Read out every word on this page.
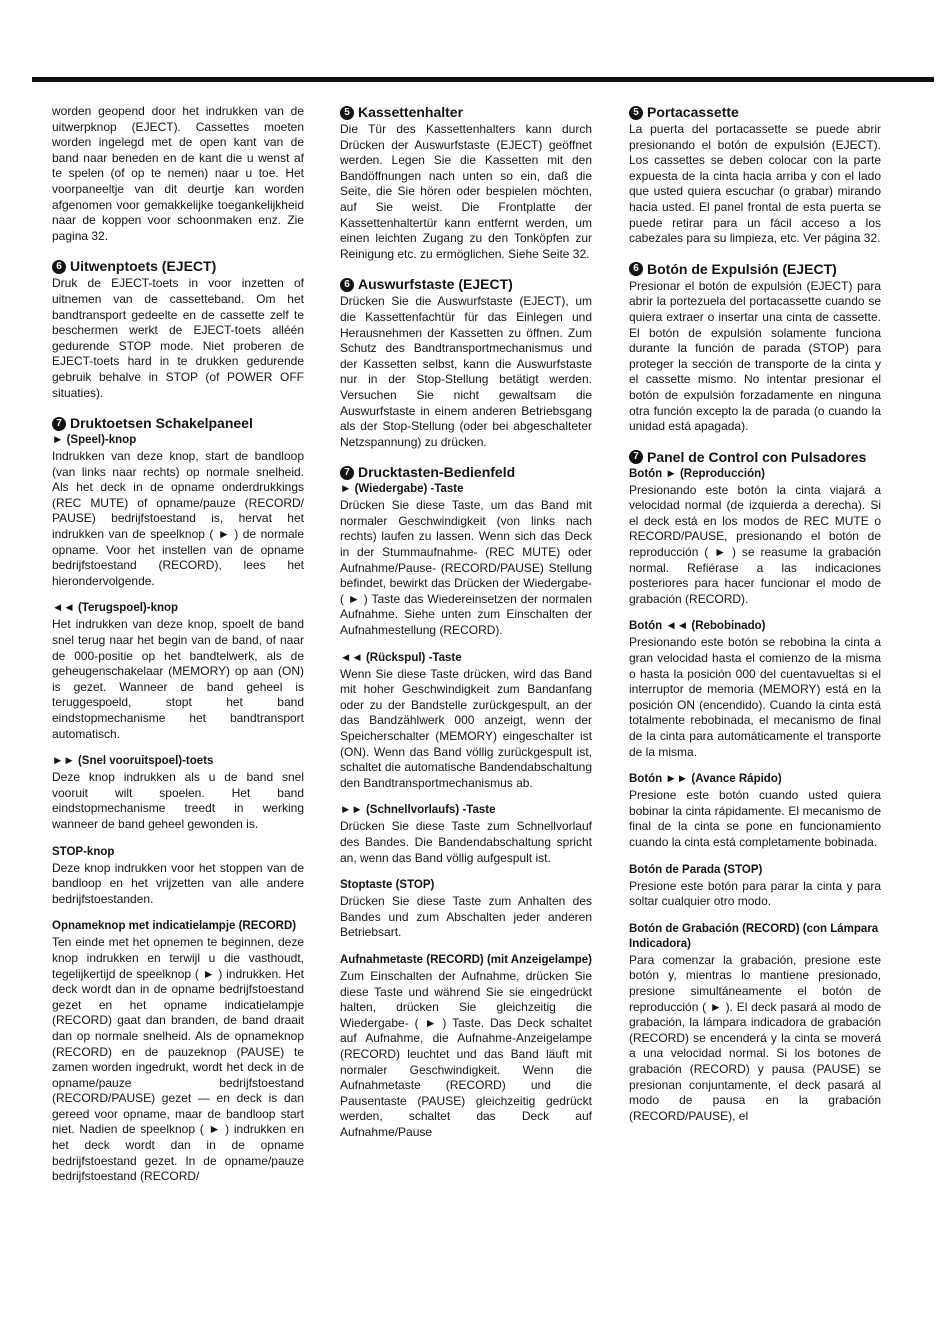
worden geopend door het indrukken van de uitwerpknop (EJECT). Cassettes moeten worden ingelegd met de open kant van de band naar beneden en de kant die u wenst af te spelen (of op te nemen) naar u toe. Het voorpaneeltje van dit deurtje kan worden afgenomen voor gemakkelijke toegankelijkheid naar de koppen voor schoonmaken enz. Zie pagina 32.

6 Uitwenptoets (EJECT)

Druk de EJECT-toets in voor inzetten of uitnemen van de cassetteband. Om het bandtransport gedeelte en de cassette zelf te beschermen werkt de EJECT-toets alléén gedurende STOP mode. Niet proberen de EJECT-toets hard in te drukken gedurende gebruik behalve in STOP (of POWER OFF situaties).

7 Druktoetsen Schakelpaneel
► (Speel)-knop

Indrukken van deze knop, start de bandloop (van links naar rechts) op normale snelheid. Als het deck in de opname onderdrukkings (REC MUTE) of opname/pauze (RECORD/ PAUSE) bedrijfstoestand is, hervat het indrukken van de speelknop ( ► ) de normale opname. Voor het instellen van de opname bedrijfstoestand (RECORD), lees het hierondervolgende.

◄◄ (Terugspoel)-knop

Het indrukken van deze knop, spoelt de band snel terug naar het begin van de band, of naar de 000-positie op het bandtelwerk, als de geheugenschakelaar (MEMORY) op aan (ON) is gezet. Wanneer de band geheel is teruggespoeld, stopt het band eindstopmechanisme het bandtransport automatisch.

►► (Snel vooruitspoel)-toets

Deze knop indrukken als u de band snel vooruit wilt spoelen. Het band eindstopmechanisme treedt in werking wanneer de band geheel gewonden is.

STOP-knop

Deze knop indrukken voor het stoppen van de bandloop en het vrijzetten van alle andere bedrijfstoestanden.

Opnameknop met indicatielampje (RECORD)

Ten einde met het opnemen te beginnen, deze knop indrukken en terwijl u die vasthoudt, tegelijkertijd de speelknop ( ► ) indrukken. Het deck wordt dan in de opname bedrijfstoestand gezet en het opname indicatielampje (RECORD) gaat dan branden, de band draait dan op normale snelheid. Als de opnameknop (RECORD) en de pauzeknop (PAUSE) te zamen worden ingedrukt, wordt het deck in de opname/pauze bedrijfstoestand (RECORD/PAUSE) gezet — en deck is dan gereed voor opname, maar de bandloop start niet. Nadien de speelknop ( ► ) indrukken en het deck wordt dan in de opname bedrijfstoestand gezet. In de opname/pauze bedrijfstoestand (RECORD/

5 Kassettenhalter

Die Tür des Kassettenhalters kann durch Drücken der Auswurfstaste (EJECT) geöffnet werden. Legen Sie die Kassetten mit den Bandöffnungen nach unten so ein, daß die Seite, die Sie hören oder bespielen möchten, auf Sie weist. Die Frontplatte der Kassettenhaltertür kann entfernt werden, um einen leichten Zugang zu den Tonköpfen zur Reinigung etc. zu ermöglichen. Siehe Seite 32.

6 Auswurfstaste (EJECT)

Drücken Sie die Auswurfstaste (EJECT), um die Kassettenfachtür für das Einlegen und Herausnehmen der Kassetten zu öffnen. Zum Schutz des Bandtransportmechanismus und der Kassetten selbst, kann die Auswurfstaste nur in der Stop-Stellung betätigt werden. Versuchen Sie nicht gewaltsam die Auswurfstaste in einem anderen Betriebsgang als der Stop-Stellung (oder bei abgeschalteter Netzspannung) zu drücken.

7 Drucktasten-Bedienfeld
► (Wiedergabe) -Taste

Drücken Sie diese Taste, um das Band mit normaler Geschwindigkeit (von links nach rechts) laufen zu lassen. Wenn sich das Deck in der Stummaufnahme- (REC MUTE) oder Aufnahme/Pause- (RECORD/PAUSE) Stellung befindet, bewirkt das Drücken der Wiedergabe- ( ► ) Taste das Wiedereinsetzen der normalen Aufnahme. Siehe unten zum Einschalten der Aufnahmestellung (RECORD).

◄◄ (Rückspul) -Taste

Wenn Sie diese Taste drücken, wird das Band mit hoher Geschwindigkeit zum Bandanfang oder zu der Bandstelle zurückgespult, an der das Bandzählwerk 000 anzeigt, wenn der Speicherschalter (MEMORY) eingeschalter ist (ON). Wenn das Band völlig zurückgespult ist, schaltet die automatische Bandendabschaltung den Bandtransportmechanismus ab.

►► (Schnellvorlaufs) -Taste

Drücken Sie diese Taste zum Schnellvorlauf des Bandes. Die Bandendabschaltung spricht an, wenn das Band völlig aufgespult ist.

Stoptaste (STOP)

Drücken Sie diese Taste zum Anhalten des Bandes und zum Abschalten jeder anderen Betriebsart.

Aufnahmetaste (RECORD) (mit Anzeigelampe)

Zum Einschalten der Aufnahme, drücken Sie diese Taste und während Sie sie eingedrückt halten, drücken Sie gleichzeitig die Wiedergabe- ( ► ) Taste. Das Deck schaltet auf Aufnahme, die Aufnahme-Anzeigelampe (RECORD) leuchtet und das Band läuft mit normaler Geschwindigkeit. Wenn die Aufnahmetaste (RECORD) und die Pausentaste (PAUSE) gleichzeitig gedrückt werden, schaltet das Deck auf Aufnahme/Pause

5 Portacassette

La puerta del portacassette se puede abrir presionando el botón de expulsión (EJECT). Los cassettes se deben colocar con la parte expuesta de la cinta hacia arriba y con el lado que usted quiera escuchar (o grabar) mirando hacia usted. El panel frontal de esta puerta se puede retirar para un fácil acceso a los cabezales para su limpieza, etc. Ver página 32.

6 Botón de Expulsión (EJECT)

Presionar el botón de expulsión (EJECT) para abrir la portezuela del portacassette cuando se quiera extraer o insertar una cinta de cassette. El botón de expulsión solamente funciona durante la función de parada (STOP) para proteger la sección de transporte de la cinta y el cassette mismo. No intentar presionar el botón de expulsión forzadamente en ninguna otra función excepto la de parada (o cuando la unidad está apagada).

7 Panel de Control con Pulsadores
Botón ► (Reproducción)

Presionando este botón la cinta viajará a velocidad normal (de izquierda a derecha). Si el deck está en los modos de REC MUTE o RECORD/PAUSE, presionando el botón de reproducción ( ► ) se reasume la grabación normal. Refiérase a las indicaciones posteriores para hacer funcionar el modo de grabación (RECORD).

Botón ◄◄ (Rebobinado)

Presionando este botón se rebobina la cinta a gran velocidad hasta el comienzo de la misma o hasta la posición 000 del cuentavueltas si el interruptor de memoria (MEMORY) está en la posición ON (encendido). Cuando la cinta está totalmente rebobinada, el mecanismo de final de la cinta para automáticamente el transporte de la misma.

Botón ►► (Avance Rápido)

Presione este botón cuando usted quiera bobinar la cinta rápidamente. El mecanismo de final de la cinta se pone en funcionamiento cuando la cinta está completamente bobinada.

Botón de Parada (STOP)

Presione este botón para parar la cinta y para soltar cualquier otro modo.

Botón de Grabación (RECORD) (con Lámpara Indicadora)

Para comenzar la grabación, presione este botón y, mientras lo mantiene presionado, presione simultáneamente el botón de reproducción ( ► ). El deck pasará al modo de grabación, la lámpara indicadora de grabación (RECORD) se encenderá y la cinta se moverá a una velocidad normal. Si los botones de grabación (RECORD) y pausa (PAUSE) se presionan conjuntamente, el deck pasará al modo de pausa en la grabación (RECORD/PAUSE), el
